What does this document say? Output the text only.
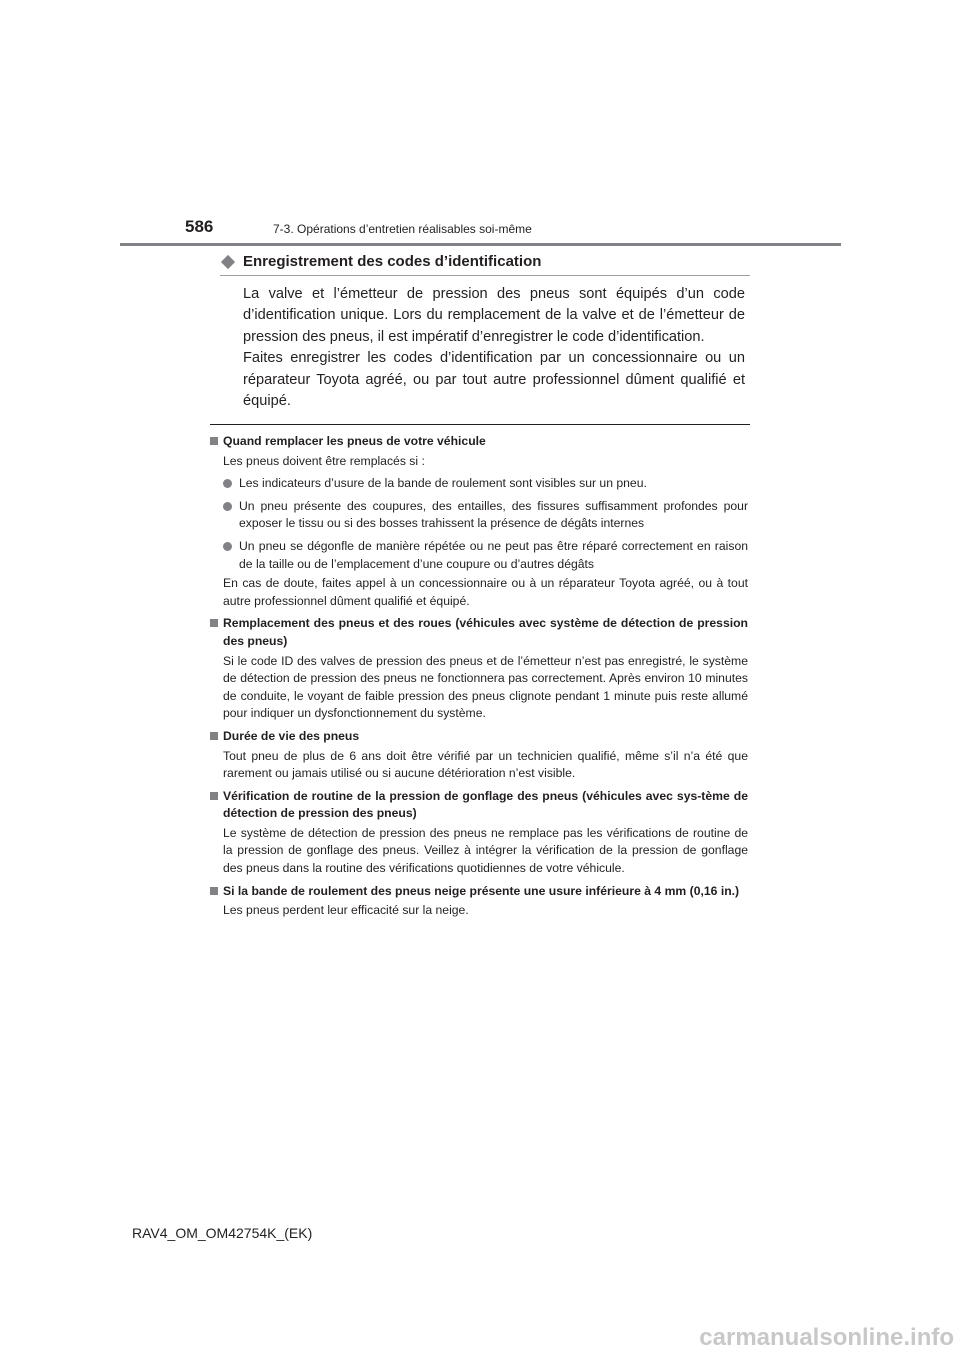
586	7-3. Opérations d’entretien réalisables soi-même
Enregistrement des codes d’identification

La valve et l’émetteur de pression des pneus sont équipés d’un code d’identification unique. Lors du remplacement de la valve et de l’émetteur de pression des pneus, il est impératif d’enregistrer le code d’identification.

Faites enregistrer les codes d’identification par un concessionnaire ou un réparateur Toyota agréé, ou par tout autre professionnel dûment qualifié et équipé.

Quand remplacer les pneus de votre véhicule
Les pneus doivent être remplacés si :
Les indicateurs d’usure de la bande de roulement sont visibles sur un pneu.
Un pneu présente des coupures, des entailles, des fissures suffisamment profondes pour exposer le tissu ou si des bosses trahissent la présence de dégâts internes
Un pneu se dégonfle de manière répétée ou ne peut pas être réparé correctement en raison de la taille ou de l’emplacement d’une coupure ou d’autres dégâts
En cas de doute, faites appel à un concessionnaire ou à un réparateur Toyota agréé, ou à tout autre professionnel dûment qualifié et équipé.
Remplacement des pneus et des roues (véhicules avec système de détection de pression des pneus)
Si le code ID des valves de pression des pneus et de l’émetteur n’est pas enregistré, le système de détection de pression des pneus ne fonctionnera pas correctement. Après environ 10 minutes de conduite, le voyant de faible pression des pneus clignote pendant 1 minute puis reste allumé pour indiquer un dysfonctionnement du système.
Durée de vie des pneus
Tout pneu de plus de 6 ans doit être vérifié par un technicien qualifié, même s’il n’a été que rarement ou jamais utilisé ou si aucune détérioration n’est visible.
Vérification de routine de la pression de gonflage des pneus (véhicules avec sys-tème de détection de pression des pneus)
Le système de détection de pression des pneus ne remplace pas les vérifications de routine de la pression de gonflage des pneus. Veillez à intégrer la vérification de la pression de gonflage des pneus dans la routine des vérifications quotidiennes de votre véhicule.
Si la bande de roulement des pneus neige présente une usure inférieure à 4 mm (0,16 in.)
Les pneus perdent leur efficacité sur la neige.
RAV4_OM_OM42754K_(EK)
carmanualsonline.info
